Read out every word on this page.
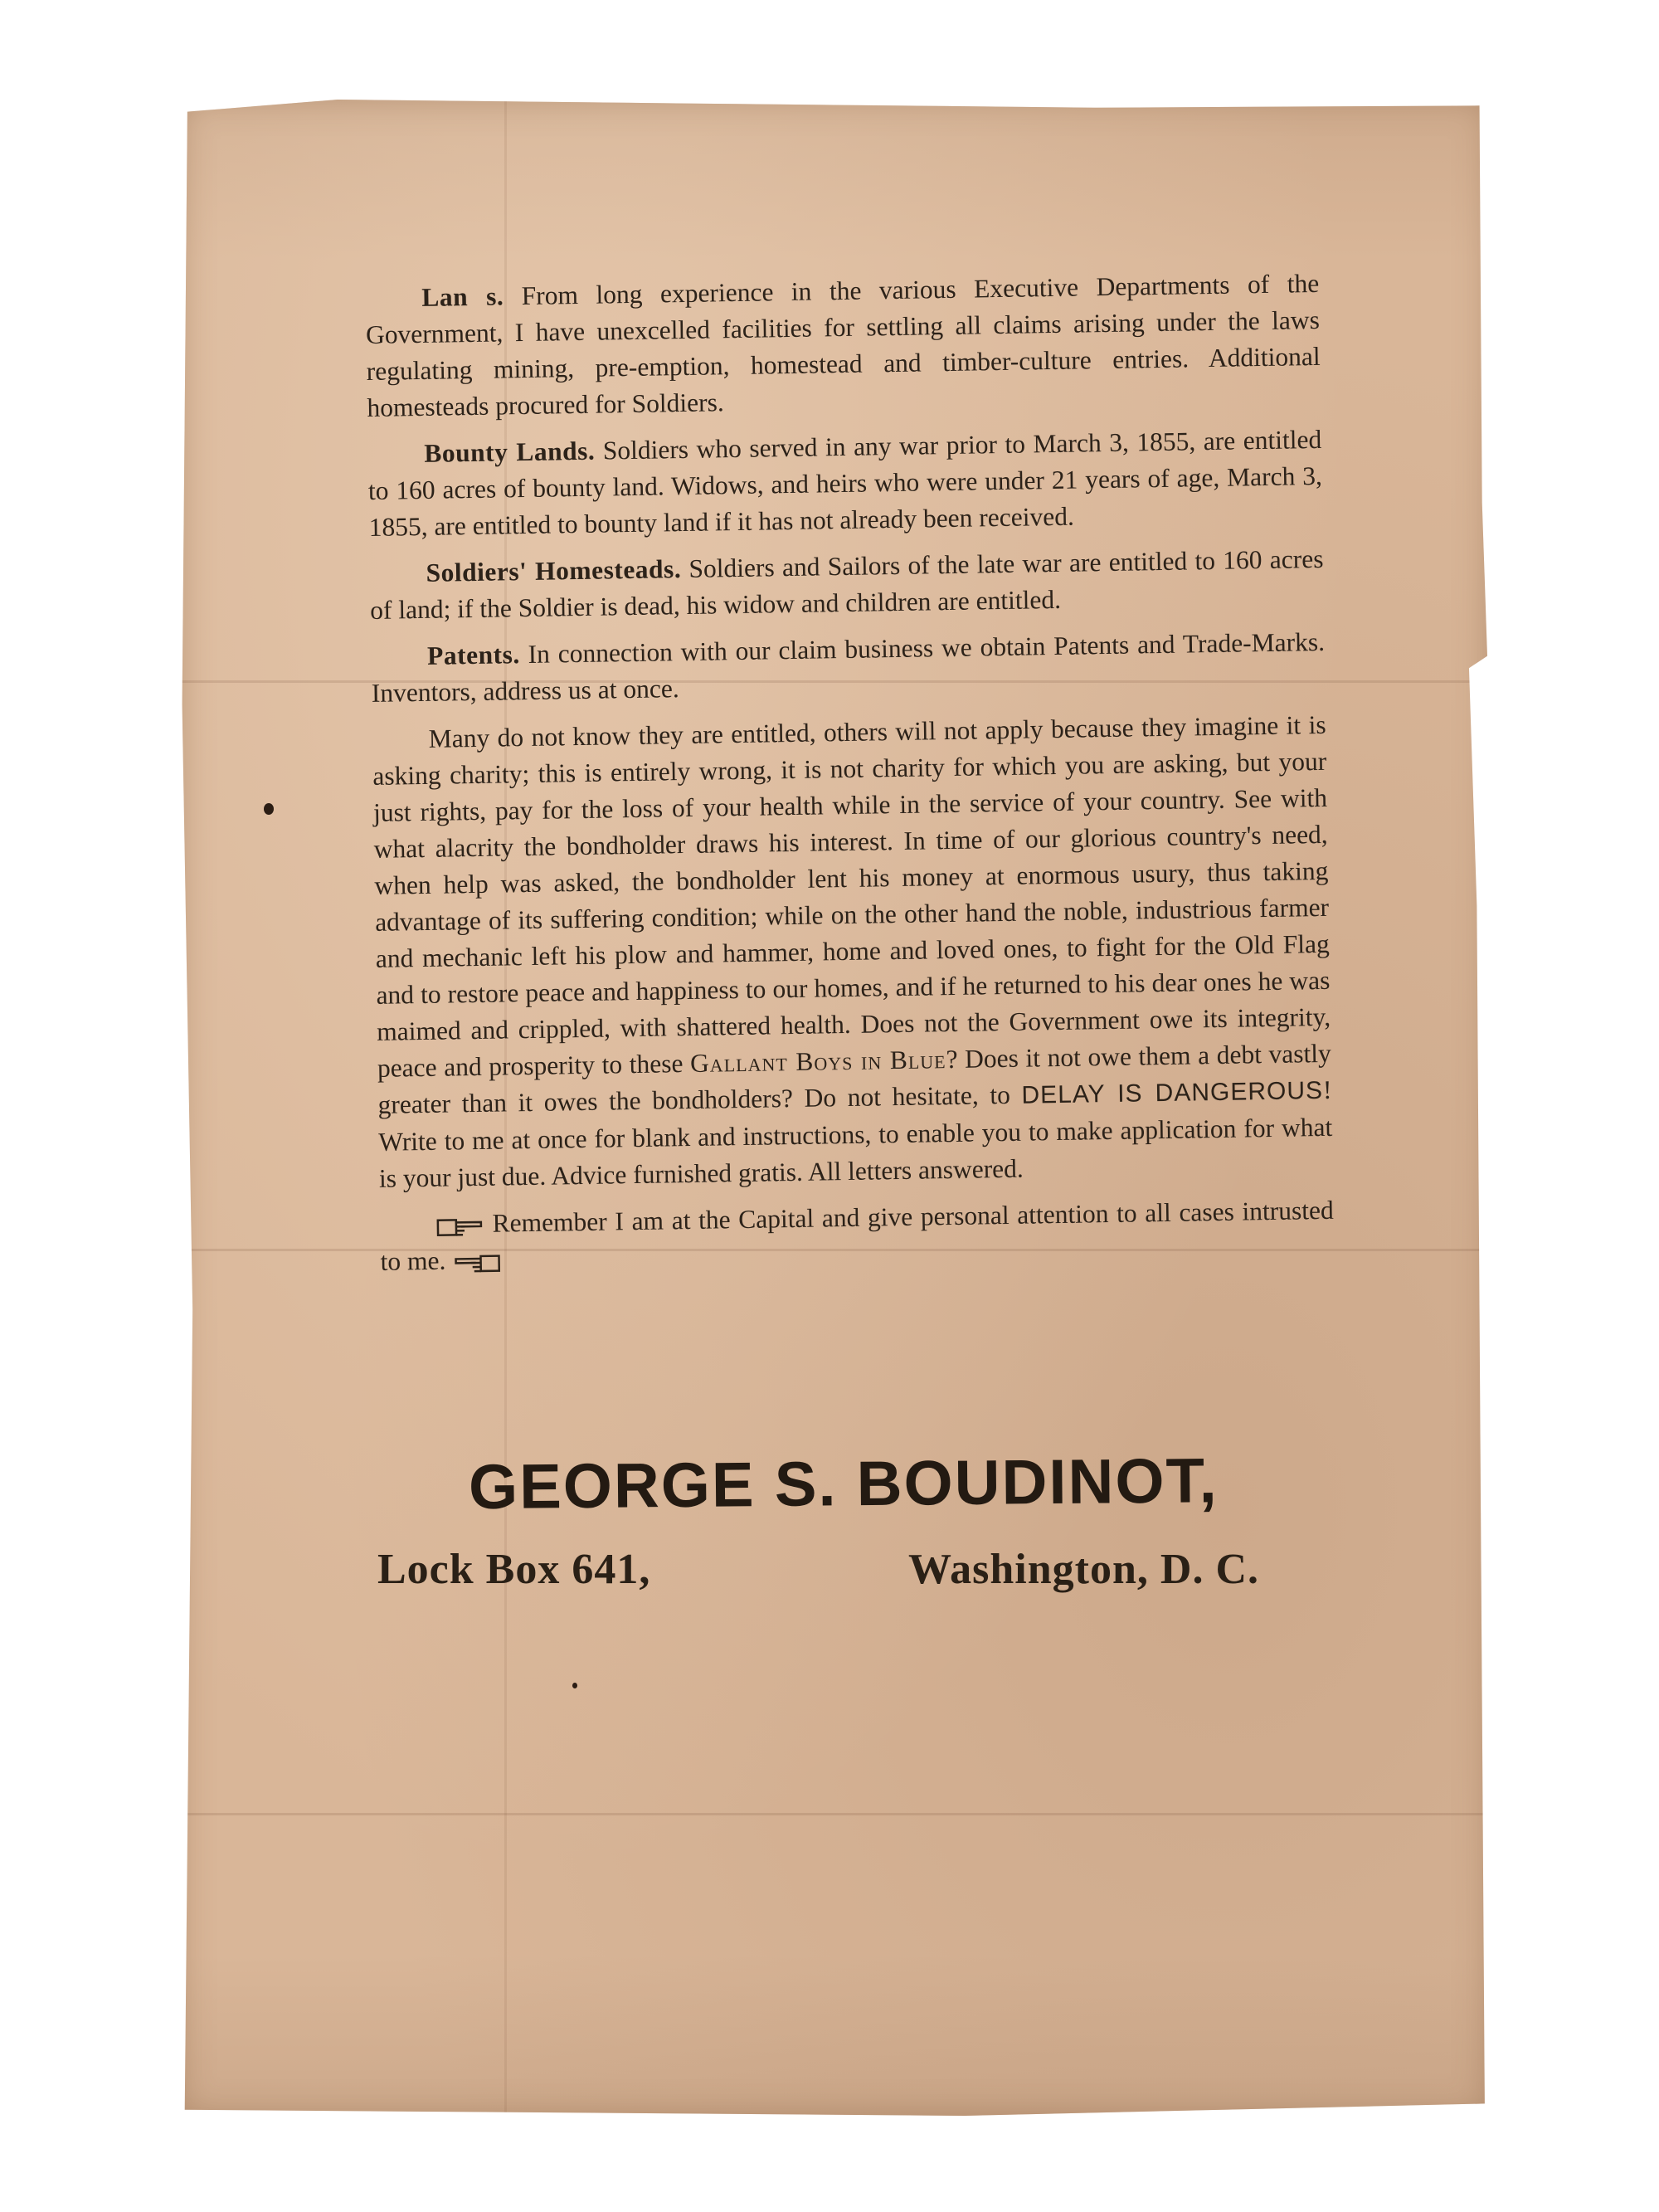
Lan s. From long experience in the various Executive Departments of the Government, I have unexcelled facilities for settling all claims arising under the laws regulating mining, pre-emption, homestead and timber-culture entries. Additional homesteads procured for Soldiers.

Bounty Lands. Soldiers who served in any war prior to March 3, 1855, are entitled to 160 acres of bounty land. Widows, and heirs who were under 21 years of age, March 3, 1855, are entitled to bounty land if it has not already been received.

Soldiers' Homesteads. Soldiers and Sailors of the late war are entitled to 160 acres of land; if the Soldier is dead, his widow and children are entitled.

Patents. In connection with our claim business we obtain Patents and Trade-Marks. Inventors, address us at once.

Many do not know they are entitled, others will not apply because they imagine it is asking charity; this is entirely wrong, it is not charity for which you are asking, but your just rights, pay for the loss of your health while in the service of your country. See with what alacrity the bondholder draws his interest. In time of our glorious country's need, when help was asked, the bondholder lent his money at enormous usury, thus taking advantage of its suffering condition; while on the other hand the noble, industrious farmer and mechanic left his plow and hammer, home and loved ones, to fight for the Old Flag and to restore peace and happiness to our homes, and if he returned to his dear ones he was maimed and crippled, with shattered health. Does not the Government owe its integrity, peace and prosperity to these Gallant Boys in Blue? Does it not owe them a debt vastly greater than it owes the bondholders? Do not hesitate, to DELAY IS DANGEROUS! Write to me at once for blank and instructions, to enable you to make application for what is your just due. Advice furnished gratis. All letters answered.

Remember I am at the Capital and give personal attention to all cases intrusted to me.

GEORGE S. BOUDINOT,
Lock Box 641,	Washington, D. C.
